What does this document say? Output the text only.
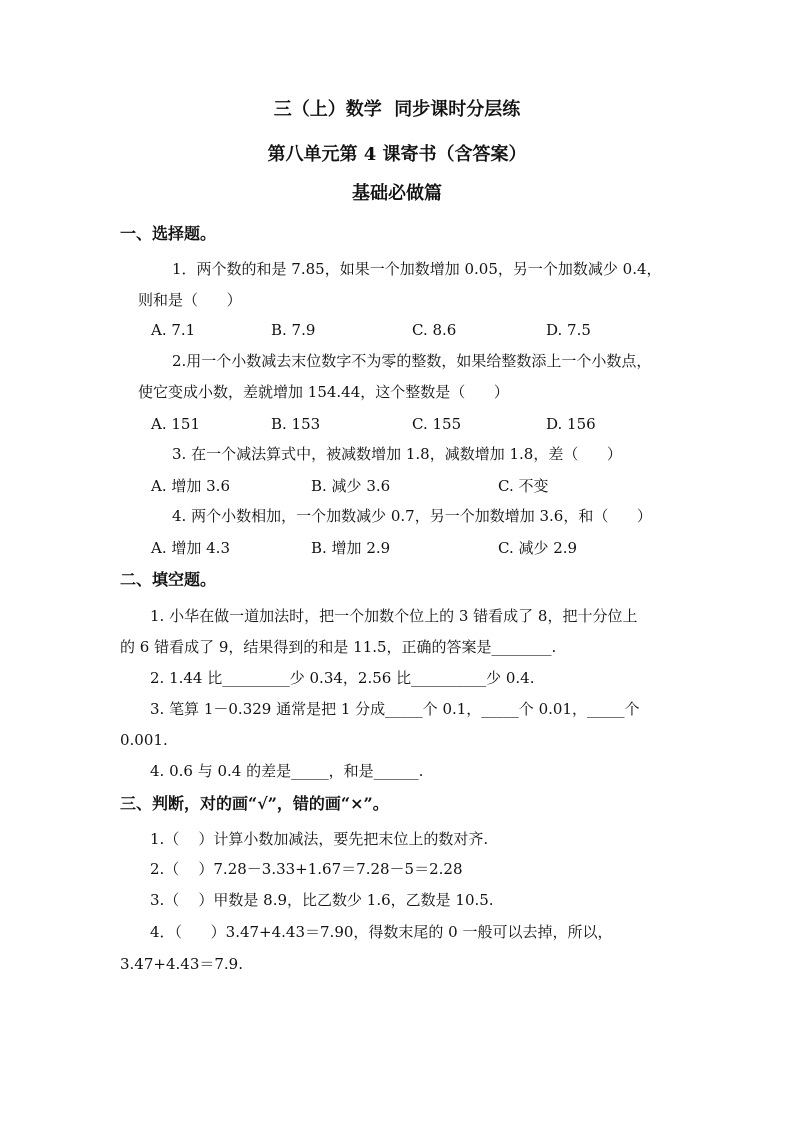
三（上）数学  同步课时分层练
第八单元第 4 课寄书（含答案）
基础必做篇
一、选择题。
1．两个数的和是 7.85，如果一个加数增加 0.05，另一个加数减少 0.4，
则和是（      ）
A. 7.1	B. 7.9	C. 8.6	D. 7.5
2.用一个小数减去末位数字不为零的整数，如果给整数添上一个小数点，
使它变成小数，差就增加 154.44，这个整数是（      ）
A. 151	B. 153	C. 155	D. 156
3. 在一个减法算式中，被减数增加 1.8，减数增加 1.8，差（      ）
A. 增加 3.6	B. 减少 3.6	C. 不变
4. 两个小数相加，一个加数减少 0.7，另一个加数增加 3.6，和（      ）
A. 增加 4.3	B. 增加 2.9	C. 减少 2.9
二、填空题。
1. 小华在做一道加法时，把一个加数个位上的 3 错看成了 8，把十分位上
的 6 错看成了 9，结果得到的和是 11.5，正确的答案是________.
2. 1.44 比_________少 0.34，2.56 比__________少 0.4.
3. 笔算 1－0.329 通常是把 1 分成_____个 0.1，_____个 0.01，_____个
0.001.
4. 0.6 与 0.4 的差是_____，和是______.
三、判断，对的画“√”，错的画“×”。
1.（    ）计算小数加减法，要先把末位上的数对齐.
2.（    ）7.28－3.33+1.67＝7.28－5＝2.28
3.（    ）甲数是 8.9，比乙数少 1.6，乙数是 10.5.
4．（      ）3.47+4.43＝7.90，得数末尾的 0 一般可以去掉，所以，
3.47+4.43＝7.9.
